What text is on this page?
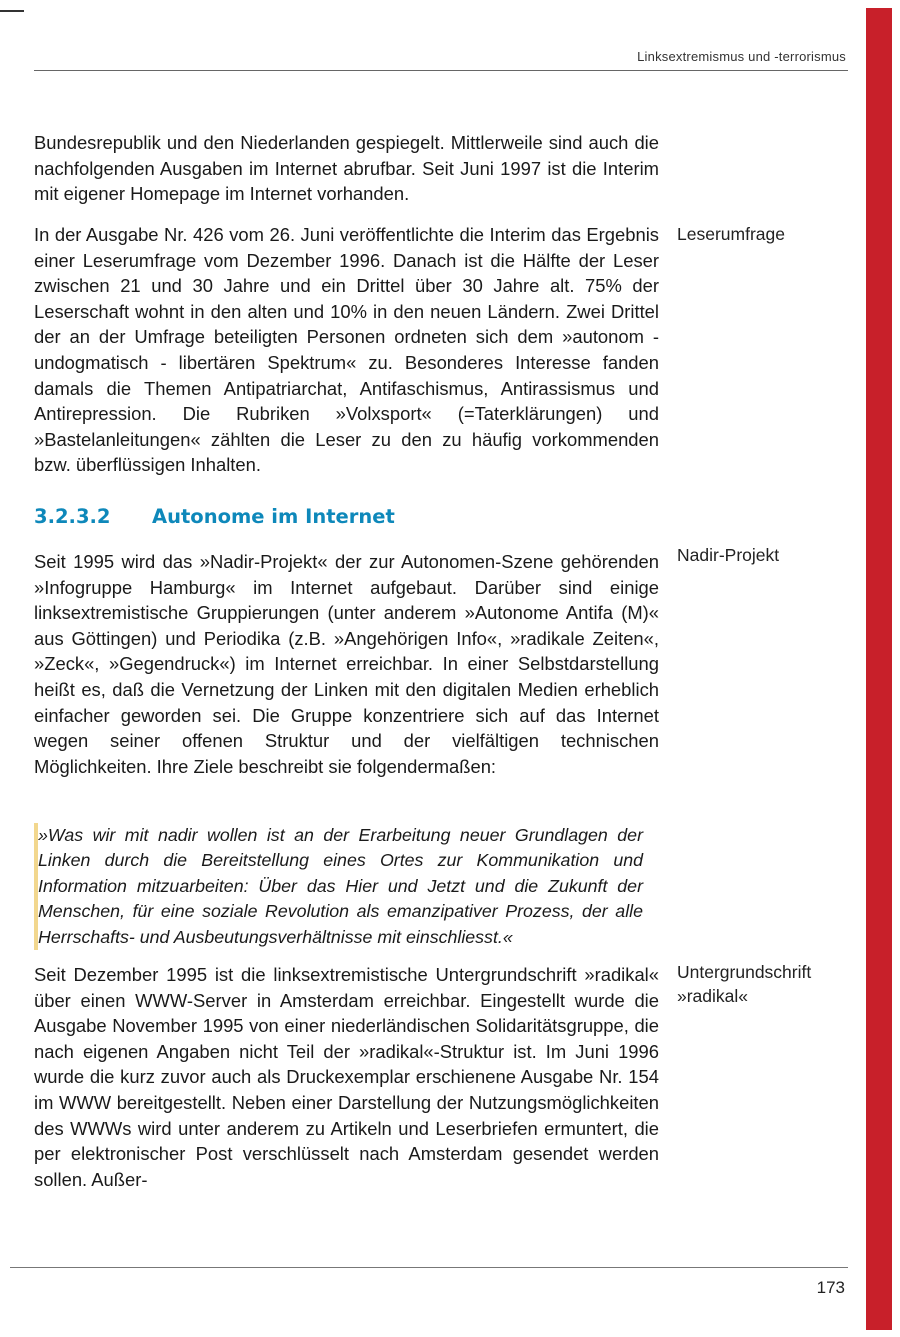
Linksextremismus und -terrorismus

Bundesrepublik und den Niederlanden gespiegelt. Mittlerweile sind auch die nachfolgenden Ausgaben im Internet abrufbar. Seit Juni 1997 ist die Interim mit eigener Homepage im Internet vorhanden.

In der Ausgabe Nr. 426 vom 26. Juni veröffentlichte die Interim das Ergebnis einer Leserumfrage vom Dezember 1996. Danach ist die Hälfte der Leser zwischen 21 und 30 Jahre und ein Drittel über 30 Jahre alt. 75% der Leserschaft wohnt in den alten und 10% in den neuen Ländern. Zwei Drittel der an der Umfrage beteiligten Personen ordneten sich dem »autonom - undogmatisch - libertären Spektrum« zu. Besonderes Interesse fanden damals die Themen Antipatriarchat, Antifaschismus, Antirassismus und Antirepression. Die Rubriken »Volxsport« (=Taterklärungen) und »Bastelanleitungen« zählten die Leser zu den zu häufig vorkommenden bzw. überflüssigen Inhalten.

3.2.3.2 Autonome im Internet

Seit 1995 wird das »Nadir-Projekt« der zur Autonomen-Szene gehörenden »Infogruppe Hamburg« im Internet aufgebaut. Darüber sind einige linksextremistische Gruppierungen (unter anderem »Autonome Antifa (M)« aus Göttingen) und Periodika (z.B. »Angehörigen Info«, »radikale Zeiten«, »Zeck«, »Gegendruck«) im Internet erreichbar. In einer Selbstdarstellung heißt es, daß die Vernetzung der Linken mit den digitalen Medien erheblich einfacher geworden sei. Die Gruppe konzentriere sich auf das Internet wegen seiner offenen Struktur und der vielfältigen technischen Möglichkeiten. Ihre Ziele beschreibt sie folgendermaßen:

»Was wir mit nadir wollen ist an der Erarbeitung neuer Grundlagen der Linken durch die Bereitstellung eines Ortes zur Kommunikation und Information mitzuarbeiten: Über das Hier und Jetzt und die Zukunft der Menschen, für eine soziale Revolution als emanzipativer Prozess, der alle Herrschafts- und Ausbeutungsverhältnisse mit einschliesst.«

Seit Dezember 1995 ist die linksextremistische Untergrundschrift »radikal« über einen WWW-Server in Amsterdam erreichbar. Eingestellt wurde die Ausgabe November 1995 von einer niederländischen Solidaritätsgruppe, die nach eigenen Angaben nicht Teil der »radikal«-Struktur ist. Im Juni 1996 wurde die kurz zuvor auch als Druckexemplar erschienene Ausgabe Nr. 154 im WWW bereitgestellt. Neben einer Darstellung der Nutzungsmöglichkeiten des WWWs wird unter anderem zu Artikeln und Leserbriefen ermuntert, die per elektronischer Post verschlüsselt nach Amsterdam gesendet werden sollen. Außer-

Leserumfrage
Nadir-Projekt
Untergrundschrift »radikal«
173
